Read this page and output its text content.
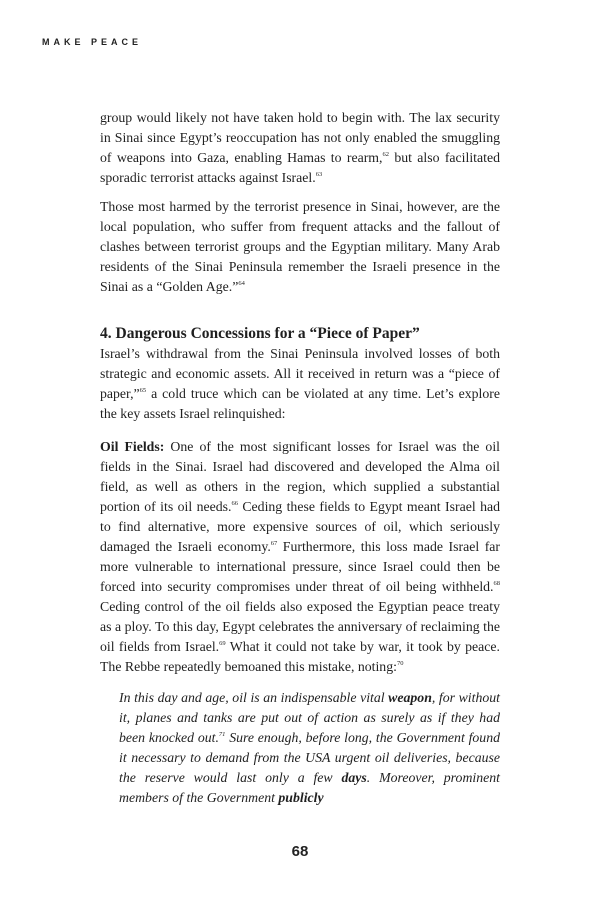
MAKE PEACE

group would likely not have taken hold to begin with. The lax security in Sinai since Egypt’s reoccupation has not only enabled the smuggling of weapons into Gaza, enabling Hamas to rearm,$^{62}$ but also facilitated sporadic terrorist attacks against Israel.$^{63}$

Those most harmed by the terrorist presence in Sinai, however, are the local population, who suffer from frequent attacks and the fallout of clashes between terrorist groups and the Egyptian military. Many Arab residents of the Sinai Peninsula remember the Israeli presence in the Sinai as a “Golden Age.”$^{64}$

4. Dangerous Concessions for a “Piece of Paper”

Israel’s withdrawal from the Sinai Peninsula involved losses of both strategic and economic assets. All it received in return was a “piece of paper,”$^{65}$ a cold truce which can be violated at any time. Let’s explore the key assets Israel relinquished:

Oil Fields: One of the most significant losses for Israel was the oil fields in the Sinai. Israel had discovered and developed the Alma oil field, as well as others in the region, which supplied a substantial portion of its oil needs.$^{66}$ Ceding these fields to Egypt meant Israel had to find alternative, more expensive sources of oil, which seriously damaged the Israeli economy.$^{67}$ Furthermore, this loss made Israel far more vulnerable to international pressure, since Israel could then be forced into security compromises under threat of oil being withheld.$^{68}$ Ceding control of the oil fields also exposed the Egyptian peace treaty as a ploy. To this day, Egypt celebrates the anniversary of reclaiming the oil fields from Israel.$^{69}$ What it could not take by war, it took by peace. The Rebbe repeatedly bemoaned this mistake, noting:$^{70}$

In this day and age, oil is an indispensable vital weapon, for without it, planes and tanks are put out of action as surely as if they had been knocked out.$^{71}$ Sure enough, before long, the Government found it necessary to demand from the USA urgent oil deliveries, because the reserve would last only a few days. Moreover, prominent members of the Government publicly
68
